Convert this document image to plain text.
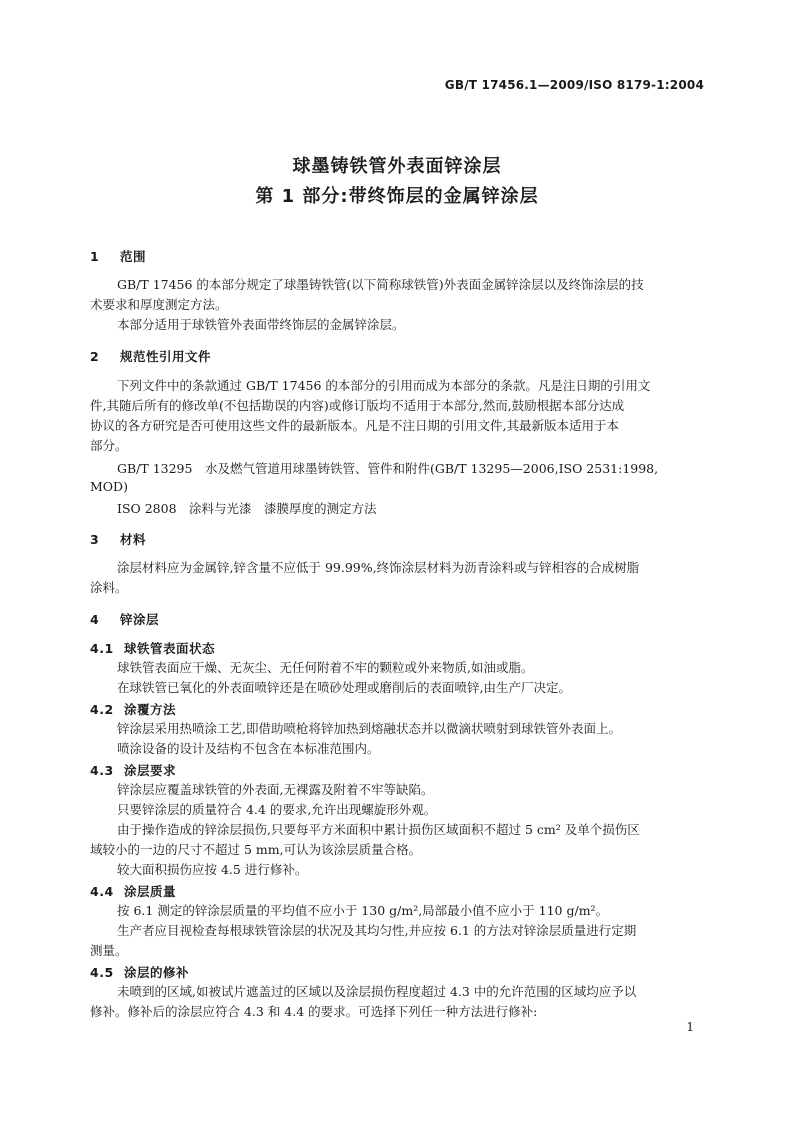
GB/T 17456.1—2009/ISO 8179-1:2004
球墨铸铁管外表面锌涂层
第 1 部分:带终饰层的金属锌涂层
1 范围
GB/T 17456 的本部分规定了球墨铸铁管(以下简称球铁管)外表面金属锌涂层以及终饰涂层的技
术要求和厚度测定方法。
本部分适用于球铁管外表面带终饰层的金属锌涂层。
2 规范性引用文件
下列文件中的条款通过 GB/T 17456 的本部分的引用而成为本部分的条款。凡是注日期的引用文
件,其随后所有的修改单(不包括勘误的内容)或修订版均不适用于本部分,然而,鼓励根据本部分达成
协议的各方研究是否可使用这些文件的最新版本。凡是不注日期的引用文件,其最新版本适用于本
部分。
GB/T 13295　水及燃气管道用球墨铸铁管、管件和附件(GB/T 13295—2006,ISO 2531:1998,
MOD)
ISO 2808　涂料与光漆　漆膜厚度的测定方法
3 材料
涂层材料应为金属锌,锌含量不应低于 99.99%,终饰涂层材料为沥青涂料或与锌相容的合成树脂
涂料。
4 锌涂层
4.1 球铁管表面状态
球铁管表面应干燥、无灰尘、无任何附着不牢的颗粒或外来物质,如油或脂。
在球铁管已氧化的外表面喷锌还是在喷砂处理或磨削后的表面喷锌,由生产厂决定。
4.2 涂覆方法
锌涂层采用热喷涂工艺,即借助喷枪将锌加热到熔融状态并以微滴状喷射到球铁管外表面上。
喷涂设备的设计及结构不包含在本标准范围内。
4.3 涂层要求
锌涂层应覆盖球铁管的外表面,无裸露及附着不牢等缺陷。
只要锌涂层的质量符合 4.4 的要求,允许出现螺旋形外观。
由于操作造成的锌涂层损伤,只要每平方米面积中累计损伤区域面积不超过 5 cm² 及单个损伤区
域较小的一边的尺寸不超过 5 mm,可认为该涂层质量合格。
较大面积损伤应按 4.5 进行修补。
4.4 涂层质量
按 6.1 测定的锌涂层质量的平均值不应小于 130 g/m²,局部最小值不应小于 110 g/m²。
生产者应目视检查每根球铁管涂层的状况及其均匀性,并应按 6.1 的方法对锌涂层质量进行定期
测量。
4.5 涂层的修补
未喷到的区域,如被试片遮盖过的区域以及涂层损伤程度超过 4.3 中的允许范围的区域均应予以
修补。修补后的涂层应符合 4.3 和 4.4 的要求。可选择下列任一种方法进行修补:
1
